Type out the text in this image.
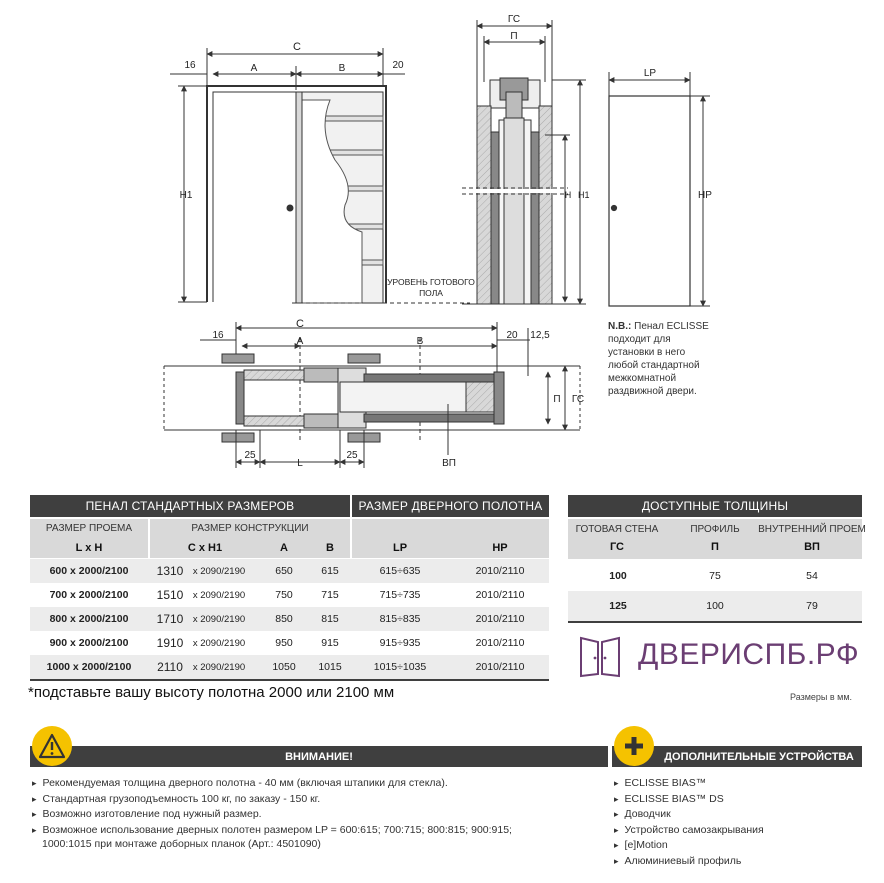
C
A	B
16	20
H1
УРОВЕНЬ ГОТОВОГО
ПОЛА
ГС
П
H H1
LP
HP
16
C
20 12,5
A	B
П ГС
25
L
25
ВП
N.B.: Пенал ECLISSE
подходит для
установки в него
любой стандартной
межкомнатной
раздвижной двери.
ПЕНАЛ СТАНДАРТНЫХ РАЗМЕРОВ	РАЗМЕР ДВЕРНОГО ПОЛОТНА
РАЗМЕР ПРОЕМА	РАЗМЕР КОНСТРУКЦИИ
L x H	C x H1	A	B	LP	HP
600 x 2000/2100	1310	x 2090/2190	650	615	615÷635	2010/2110
700 x 2000/2100	1510	x 2090/2190	750	715	715÷735	2010/2110
800 x 2000/2100	1710	x 2090/2190	850	815	815÷835	2010/2110
900 x 2000/2100	1910	x 2090/2190	950	915	915÷935	2010/2110
1000 x 2000/2100	2110	x 2090/2190	1050	1015	1015÷1035	2010/2110
*подставьте вашу высоту полотна 2000 или 2100 мм
ДОСТУПНЫЕ ТОЛЩИНЫ
ГОТОВАЯ СТЕНА	ПРОФИЛЬ	ВНУТРЕННИЙ ПРОЕМ
ГС	П	ВП
100	75	54
125	100	79
ДВЕРИСПБ.РФ
Размеры в мм.
ВНИМАНИЕ!
▸ Рекомендуемая толщина дверного полотна - 40 мм (включая штапики для стекла).
▸ Стандартная грузоподъемность 100 кг, по заказу - 150 кг.
▸ Возможно изготовление под нужный размер.
▸ Возможное использование дверных полотен размером LP = 600:615; 700:715; 800:815; 900:915;
1000:1015 при монтаже доборных планок (Арт.: 4501090)
ДОПОЛНИТЕЛЬНЫЕ УСТРОЙСТВА
▸ ECLISSE BIAS™
▸ ECLISSE BIAS™ DS
▸ Доводчик
▸ Устройство самозакрывания
▸ [e]Motion
▸ Алюминиевый профиль
